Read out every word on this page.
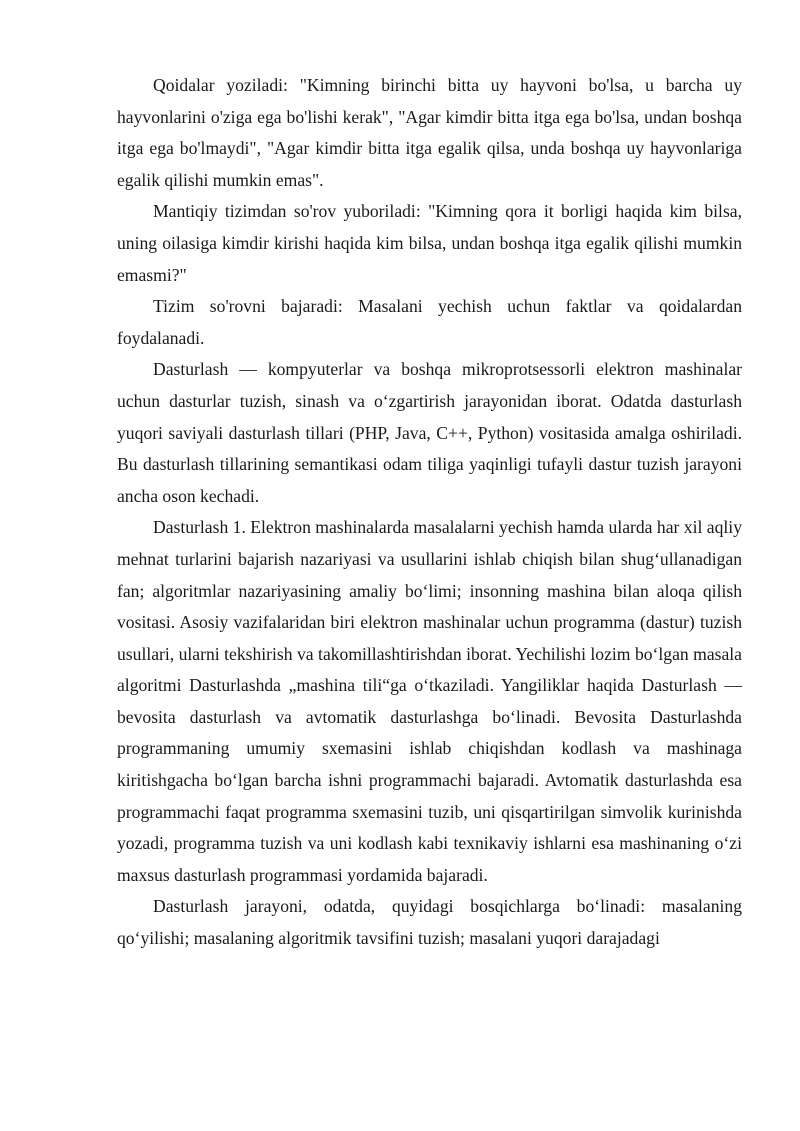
Qoidalar yoziladi: "Kimning birinchi bitta uy hayvoni bo'lsa, u barcha uy hayvonlarini o'ziga ega bo'lishi kerak", "Agar kimdir bitta itga ega bo'lsa, undan boshqa itga ega bo'lmaydi", "Agar kimdir bitta itga egalik qilsa, unda boshqa uy hayvonlariga egalik qilishi mumkin emas".

Mantiqiy tizimdan so'rov yuboriladi: "Kimning qora it borligi haqida kim bilsa, uning oilasiga kimdir kirishi haqida kim bilsa, undan boshqa itga egalik qilishi mumkin emasmi?"

Tizim so'rovni bajaradi: Masalani yechish uchun faktlar va qoidalardan foydalanadi.

Dasturlash — kompyuterlar va boshqa mikroprotsessorli elektron mashinalar uchun dasturlar tuzish, sinash va o‘zgartirish jarayonidan iborat. Odatda dasturlash yuqori saviyali dasturlash tillari (PHP, Java, C++, Python) vositasida amalga oshiriladi. Bu dasturlash tillarining semantikasi odam tiliga yaqinligi tufayli dastur tuzish jarayoni ancha oson kechadi.

Dasturlash 1. Elektron mashinalarda masalalarni yechish hamda ularda har xil aqliy mehnat turlarini bajarish nazariyasi va usullarini ishlab chiqish bilan shug‘ullanadigan fan; algoritmlar nazariyasining amaliy bo‘limi; insonning mashina bilan aloqa qilish vositasi. Asosiy vazifalaridan biri elektron mashinalar uchun programma (dastur) tuzish usullari, ularni tekshirish va takomillashtirishdan iborat. Yechilishi lozim bo‘lgan masala algoritmi Dasturlashda „mashina tili“ga o‘tkaziladi. Yangiliklar haqida Dasturlash — bevosita dasturlash va avtomatik dasturlashga bo‘linadi. Bevosita Dasturlashda programmaning umumiy sxemasini ishlab chiqishdan kodlash va mashinaga kiritishgacha bo‘lgan barcha ishni programmachi bajaradi. Avtomatik dasturlashda esa programmachi faqat programma sxemasini tuzib, uni qisqartirilgan simvolik kurinishda yozadi, programma tuzish va uni kodlash kabi texnikaviy ishlarni esa mashinaning o‘zi maxsus dasturlash programmasi yordamida bajaradi.

Dasturlash jarayoni, odatda, quyidagi bosqichlarga bo‘linadi: masalaning qo‘yilishi; masalaning algoritmik tavsifini tuzish; masalani yuqori darajadagi
